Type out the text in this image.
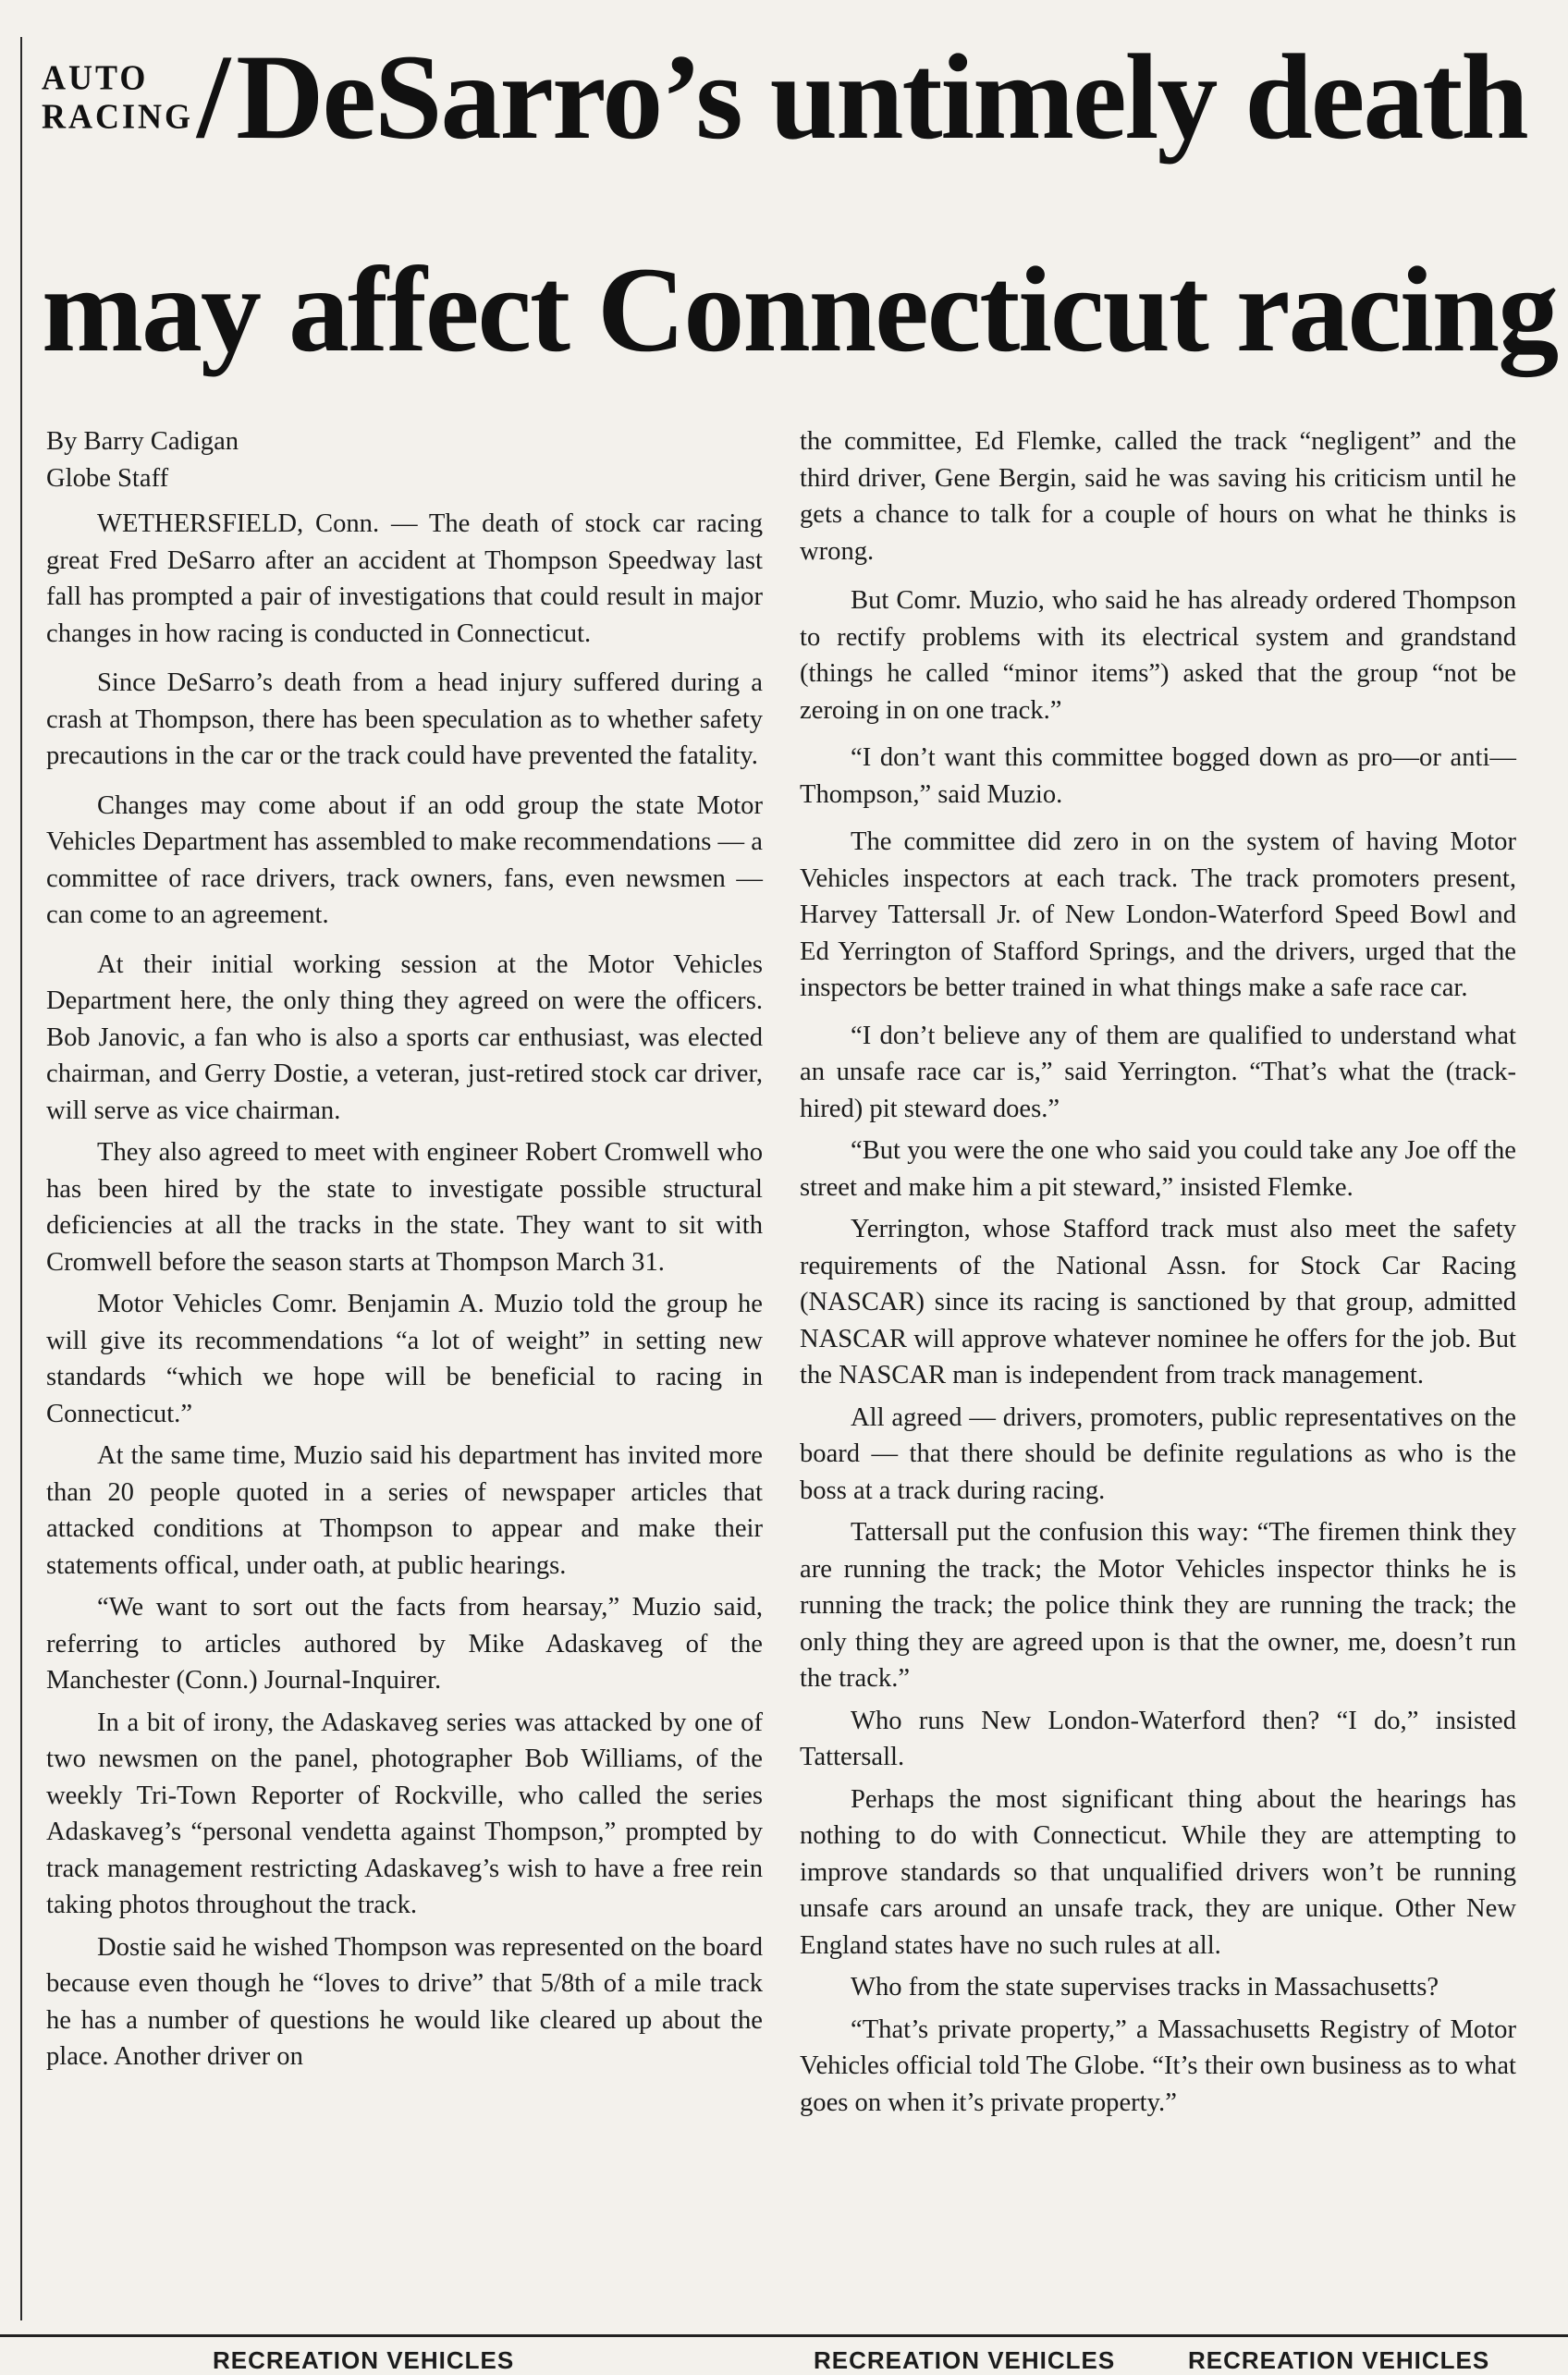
AUTO
RACING / DeSarro’s untimely death
may affect Connecticut racing

By Barry Cadigan

Globe Staff

WETHERSFIELD, Conn. — The death of stock car racing great Fred DeSarro after an accident at Thompson Speedway last fall has prompted a pair of investigations that could result in major changes in how racing is conducted in Connecticut.

Since DeSarro’s death from a head injury suffered during a crash at Thompson, there has been speculation as to whether safety precautions in the car or the track could have prevented the fatality.

Changes may come about if an odd group the state Motor Vehicles Department has assembled to make recommendations — a committee of race drivers, track owners, fans, even newsmen — can come to an agreement.

At their initial working session at the Motor Vehicles Department here, the only thing they agreed on were the officers. Bob Janovic, a fan who is also a sports car enthusiast, was elected chairman, and Gerry Dostie, a veteran, just-retired stock car driver, will serve as vice chairman.

They also agreed to meet with engineer Robert Cromwell who has been hired by the state to investigate possible structural deficiencies at all the tracks in the state. They want to sit with Cromwell before the season starts at Thompson March 31.

Motor Vehicles Comr. Benjamin A. Muzio told the group he will give its recommendations “a lot of weight” in setting new standards “which we hope will be beneficial to racing in Connecticut.”

At the same time, Muzio said his department has invited more than 20 people quoted in a series of newspaper articles that attacked conditions at Thompson to appear and make their statements offical, under oath, at public hearings.

“We want to sort out the facts from hearsay,” Muzio said, referring to articles authored by Mike Adaskaveg of the Manchester (Conn.) Journal-Inquirer.

In a bit of irony, the Adaskaveg series was attacked by one of two newsmen on the panel, photographer Bob Williams, of the weekly Tri-Town Reporter of Rockville, who called the series Adaskaveg’s “personal vendetta against Thompson,” prompted by track management restricting Adaskaveg’s wish to have a free rein taking photos throughout the track.

Dostie said he wished Thompson was represented on the board because even though he “loves to drive” that 5/8th of a mile track he has a number of questions he would like cleared up about the place. Another driver on

the committee, Ed Flemke, called the track “negligent” and the third driver, Gene Bergin, said he was saving his criticism until he gets a chance to talk for a couple of hours on what he thinks is wrong.

But Comr. Muzio, who said he has already ordered Thompson to rectify problems with its electrical system and grandstand (things he called “minor items”) asked that the group “not be zeroing in on one track.”

“I don’t want this committee bogged down as pro—or anti—Thompson,” said Muzio.

The committee did zero in on the system of having Motor Vehicles inspectors at each track. The track promoters present, Harvey Tattersall Jr. of New London-Waterford Speed Bowl and Ed Yerrington of Stafford Springs, and the drivers, urged that the inspectors be better trained in what things make a safe race car.

“I don’t believe any of them are qualified to understand what an unsafe race car is,” said Yerrington. “That’s what the (track-hired) pit steward does.”

“But you were the one who said you could take any Joe off the street and make him a pit steward,” insisted Flemke.

Yerrington, whose Stafford track must also meet the safety requirements of the National Assn. for Stock Car Racing (NASCAR) since its racing is sanctioned by that group, admitted NASCAR will approve whatever nominee he offers for the job. But the NASCAR man is independent from track management.

All agreed — drivers, promoters, public representatives on the board — that there should be definite regulations as who is the boss at a track during racing.

Tattersall put the confusion this way: “The firemen think they are running the track; the Motor Vehicles inspector thinks he is running the track; the police think they are running the track; the only thing they are agreed upon is that the owner, me, doesn’t run the track.”

Who runs New London-Waterford then? “I do,” insisted Tattersall.

Perhaps the most significant thing about the hearings has nothing to do with Connecticut. While they are attempting to improve standards so that unqualified drivers won’t be running unsafe cars around an unsafe track, they are unique. Other New England states have no such rules at all.

Who from the state supervises tracks in Massachusetts?

“That’s private property,” a Massachusetts Registry of Motor Vehicles official told The Globe. “It’s their own business as to what goes on when it’s private property.”

RECREATION VEHICLES	RECREATION VEHICLES	RECREATION VEHICLES
